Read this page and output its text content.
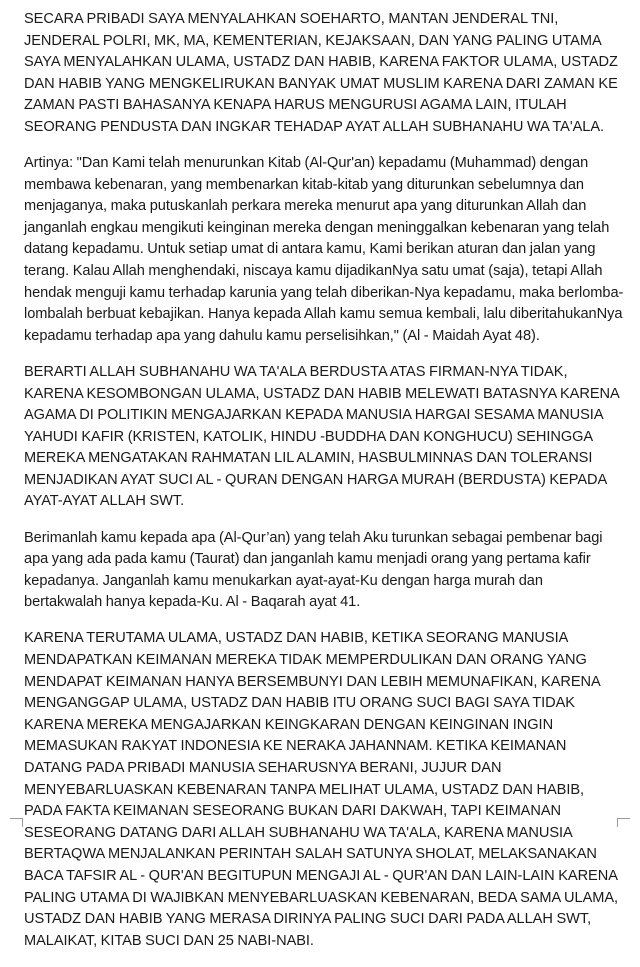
SECARA PRIBADI SAYA MENYALAHKAN SOEHARTO, MANTAN JENDERAL TNI, JENDERAL POLRI, MK, MA, KEMENTERIAN, KEJAKSAAN, DAN YANG PALING UTAMA SAYA MENYALAHKAN ULAMA, USTADZ DAN HABIB, KARENA FAKTOR ULAMA, USTADZ DAN HABIB YANG MENGKELIRUKAN BANYAK UMAT MUSLIM KARENA DARI ZAMAN KE ZAMAN PASTI BAHASANYA KENAPA HARUS MENGURUSI AGAMA LAIN, ITULAH SEORANG PENDUSTA DAN INGKAR TEHADAP AYAT ALLAH SUBHANAHU WA TA'ALA.

Artinya: "Dan Kami telah menurunkan Kitab (Al-Qur'an) kepadamu (Muhammad) dengan membawa kebenaran, yang membenarkan kitab-kitab yang diturunkan sebelumnya dan menjaganya, maka putuskanlah perkara mereka menurut apa yang diturunkan Allah dan janganlah engkau mengikuti keinginan mereka dengan meninggalkan kebenaran yang telah datang kepadamu. Untuk setiap umat di antara kamu, Kami berikan aturan dan jalan yang terang. Kalau Allah menghendaki, niscaya kamu dijadikanNya satu umat (saja), tetapi Allah hendak menguji kamu terhadap karunia yang telah diberikan-Nya kepadamu, maka berlomba-lombalah berbuat kebajikan. Hanya kepada Allah kamu semua kembali, lalu diberitahukanNya kepadamu terhadap apa yang dahulu kamu perselisihkan," (Al - Maidah Ayat 48).

BERARTI ALLAH SUBHANAHU WA TA'ALA BERDUSTA ATAS FIRMAN-NYA TIDAK, KARENA KESOMBONGAN ULAMA, USTADZ DAN HABIB MELEWATI BATASNYA KARENA AGAMA DI POLITIKIN MENGAJARKAN KEPADA MANUSIA HARGAI SESAMA MANUSIA YAHUDI KAFIR (KRISTEN, KATOLIK, HINDU -BUDDHA DAN KONGHUCU) SEHINGGA MEREKA MENGATAKAN RAHMATAN LIL ALAMIN, HASBULMINNAS DAN TOLERANSI MENJADIKAN AYAT SUCI AL - QURAN DENGAN HARGA MURAH (BERDUSTA) KEPADA AYAT-AYAT ALLAH SWT.

Berimanlah kamu kepada apa (Al-Qur’an) yang telah Aku turunkan sebagai pembenar bagi apa yang ada pada kamu (Taurat) dan janganlah kamu menjadi orang yang pertama kafir kepadanya. Janganlah kamu menukarkan ayat-ayat-Ku dengan harga murah dan bertakwalah hanya kepada-Ku. Al - Baqarah ayat 41.

KARENA TERUTAMA ULAMA, USTADZ DAN HABIB, KETIKA SEORANG MANUSIA MENDAPATKAN KEIMANAN MEREKA TIDAK MEMPERDULIKAN DAN ORANG YANG MENDAPAT KEIMANAN HANYA BERSEMBUNYI DAN LEBIH MEMUNAFIKAN, KARENA MENGANGGAP ULAMA, USTADZ DAN HABIB ITU ORANG SUCI BAGI SAYA TIDAK KARENA MEREKA MENGAJARKAN KEINGKARAN DENGAN KEINGINAN INGIN MEMASUKAN RAKYAT INDONESIA KE NERAKA JAHANNAM. KETIKA KEIMANAN DATANG PADA PRIBADI MANUSIA SEHARUSNYA BERANI, JUJUR DAN MENYEBARLUASKAN KEBENARAN TANPA MELIHAT ULAMA, USTADZ DAN HABIB, PADA FAKTA KEIMANAN SESEORANG BUKAN DARI DAKWAH, TAPI KEIMANAN SESEORANG DATANG DARI ALLAH SUBHANAHU WA TA'ALA, KARENA MANUSIA BERTAQWA MENJALANKAN PERINTAH SALAH SATUNYA SHOLAT, MELAKSANAKAN BACA TAFSIR AL - QUR'AN BEGITUPUN MENGAJI AL - QUR'AN DAN LAIN-LAIN KARENA PALING UTAMA DI WAJIBKAN MENYEBARLUASKAN KEBENARAN, BEDA SAMA ULAMA, USTADZ DAN HABIB YANG MERASA DIRINYA PALING SUCI DARI PADA ALLAH SWT, MALAIKAT, KITAB SUCI DAN 25 NABI-NABI.
